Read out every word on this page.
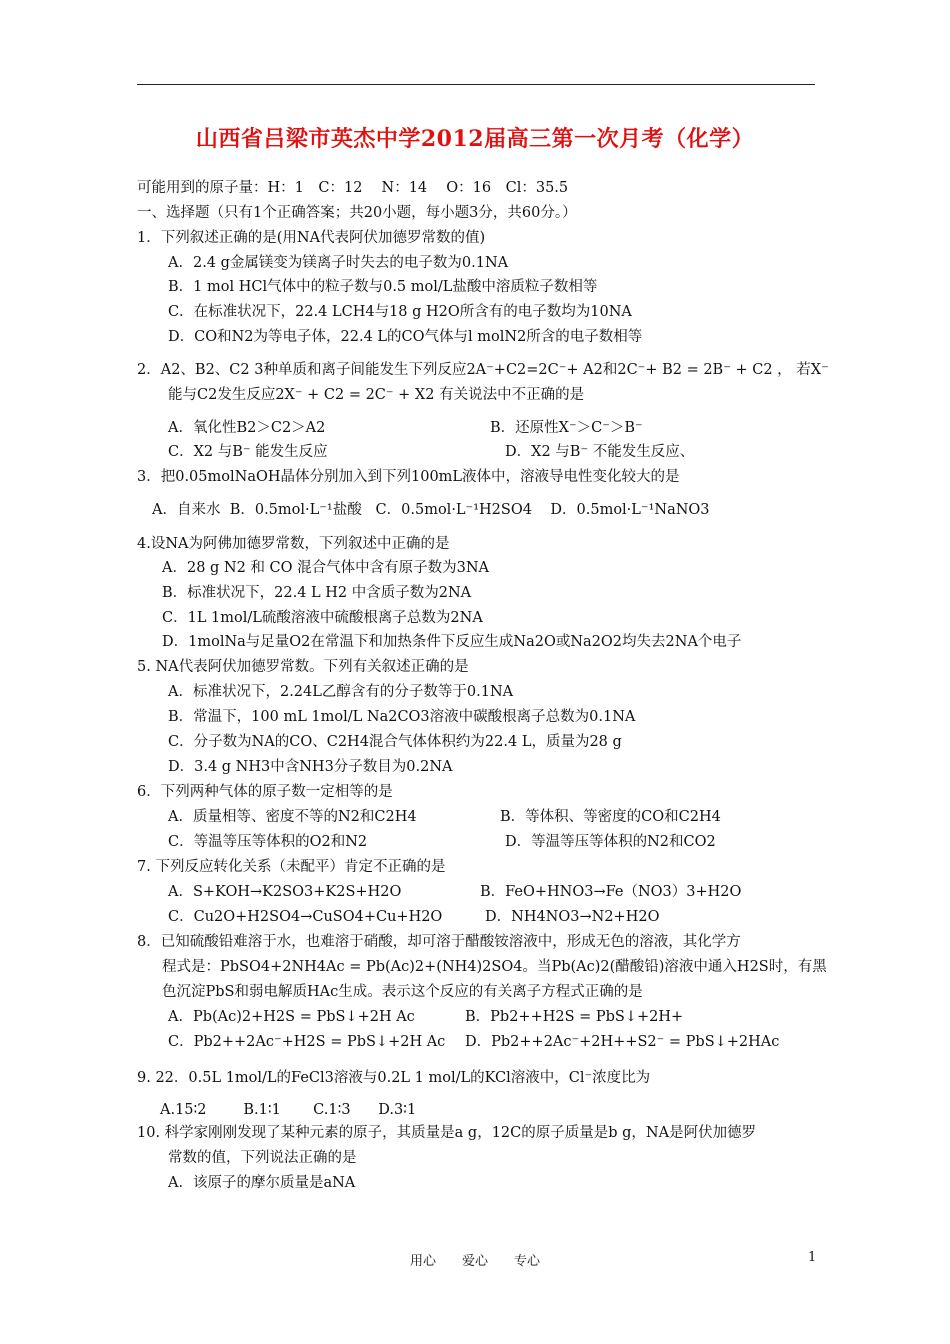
山西省吕梁市英杰中学2012届高三第一次月考（化学）
可能用到的原子量：H：1　C：12　 N：14　 O：16　Cl：35.5
一、选择题（只有1个正确答案；共20小题，每小题3分，共60分。）
1．下列叙述正确的是(用NA代表阿伏加德罗常数的值)
A．2.4 g金属镁变为镁离子时失去的电子数为0.1NA
B．1 mol HCl气体中的粒子数与0.5 mol/L盐酸中溶质粒子数相等
C．在标准状况下，22.4 LCH4与18 g H2O所含有的电子数均为10NA
D．CO和N2为等电子体，22.4 L的CO气体与l molN2所含的电子数相等
2．A2、B2、C2 3种单质和离子间能发生下列反应2A⁻+C2=2C⁻+ A2和2C⁻+ B2 = 2B⁻ + C2 ， 若X⁻
能与C2发生反应2X⁻ + C2 = 2C⁻ + X2 有关说法中不正确的是
A．氧化性B2＞C2＞A2	B．还原性X⁻＞C⁻＞B⁻
C．X2 与B⁻ 能发生反应	D．X2 与B⁻ 不能发生反应、
3．把0.05molNaOH晶体分别加入到下列100mL液体中，溶液导电性变化较大的是
A．自来水  B．0.5mol·L⁻¹盐酸   C．0.5mol·L⁻¹H2SO4    D．0.5mol·L⁻¹NaNO3
4.设NA为阿佛加德罗常数，下列叙述中正确的是
A．28 g N2 和 CO 混合气体中含有原子数为3NA
B．标准状况下，22.4 L H2 中含质子数为2NA
C．1L 1mol/L硫酸溶液中硫酸根离子总数为2NA
D．1molNa与足量O2在常温下和加热条件下反应生成Na2O或Na2O2均失去2NA个电子
5. NA代表阿伏加德罗常数。下列有关叙述正确的是
A．标准状况下，2.24L乙醇含有的分子数等于0.1NA
B．常温下，100 mL 1mol/L Na2CO3溶液中碳酸根离子总数为0.1NA
C．分子数为NA的CO、C2H4混合气体体积约为22.4 L，质量为28 g
D．3.4 g NH3中含NH3分子数目为0.2NA
6．下列两种气体的原子数一定相等的是
A．质量相等、密度不等的N2和C2H4	B．等体积、等密度的CO和C2H4
C．等温等压等体积的O2和N2	D．等温等压等体积的N2和CO2
7. 下列反应转化关系（未配平）肯定不正确的是
A．S+KOH→K2SO3+K2S+H2O	B．FeO+HNO3→Fe（NO3）3+H2O
C．Cu2O+H2SO4→CuSO4+Cu+H2O	D．NH4NO3→N2+H2O
8．已知硫酸铅难溶于水，也难溶于硝酸，却可溶于醋酸铵溶液中，形成无色的溶液，其化学方
程式是：PbSO4+2NH4Ac = Pb(Ac)2+(NH4)2SO4。当Pb(Ac)2(醋酸铅)溶液中通入H2S时，有黑
色沉淀PbS和弱电解质HAc生成。表示这个反应的有关离子方程式正确的是
A．Pb(Ac)2+H2S = PbS↓+2H Ac	B．Pb2++H2S = PbS↓+2H+
C．Pb2++2Ac⁻+H2S = PbS↓+2H Ac D．Pb2++2Ac⁻+2H++S2⁻ = PbS↓+2HAc
9. 22．0.5L 1mol/L的FeCl3溶液与0.2L 1 mol/L的KCl溶液中，Cl⁻浓度比为
A.15∶2        B.1∶1       C.1∶3      D.3∶1
10. 科学家刚刚发现了某种元素的原子，其质量是a g，12C的原子质量是b g，NA是阿伏加德罗
常数的值，下列说法正确的是
A．该原子的摩尔质量是aNA
用心　　爱心　　专心	1
